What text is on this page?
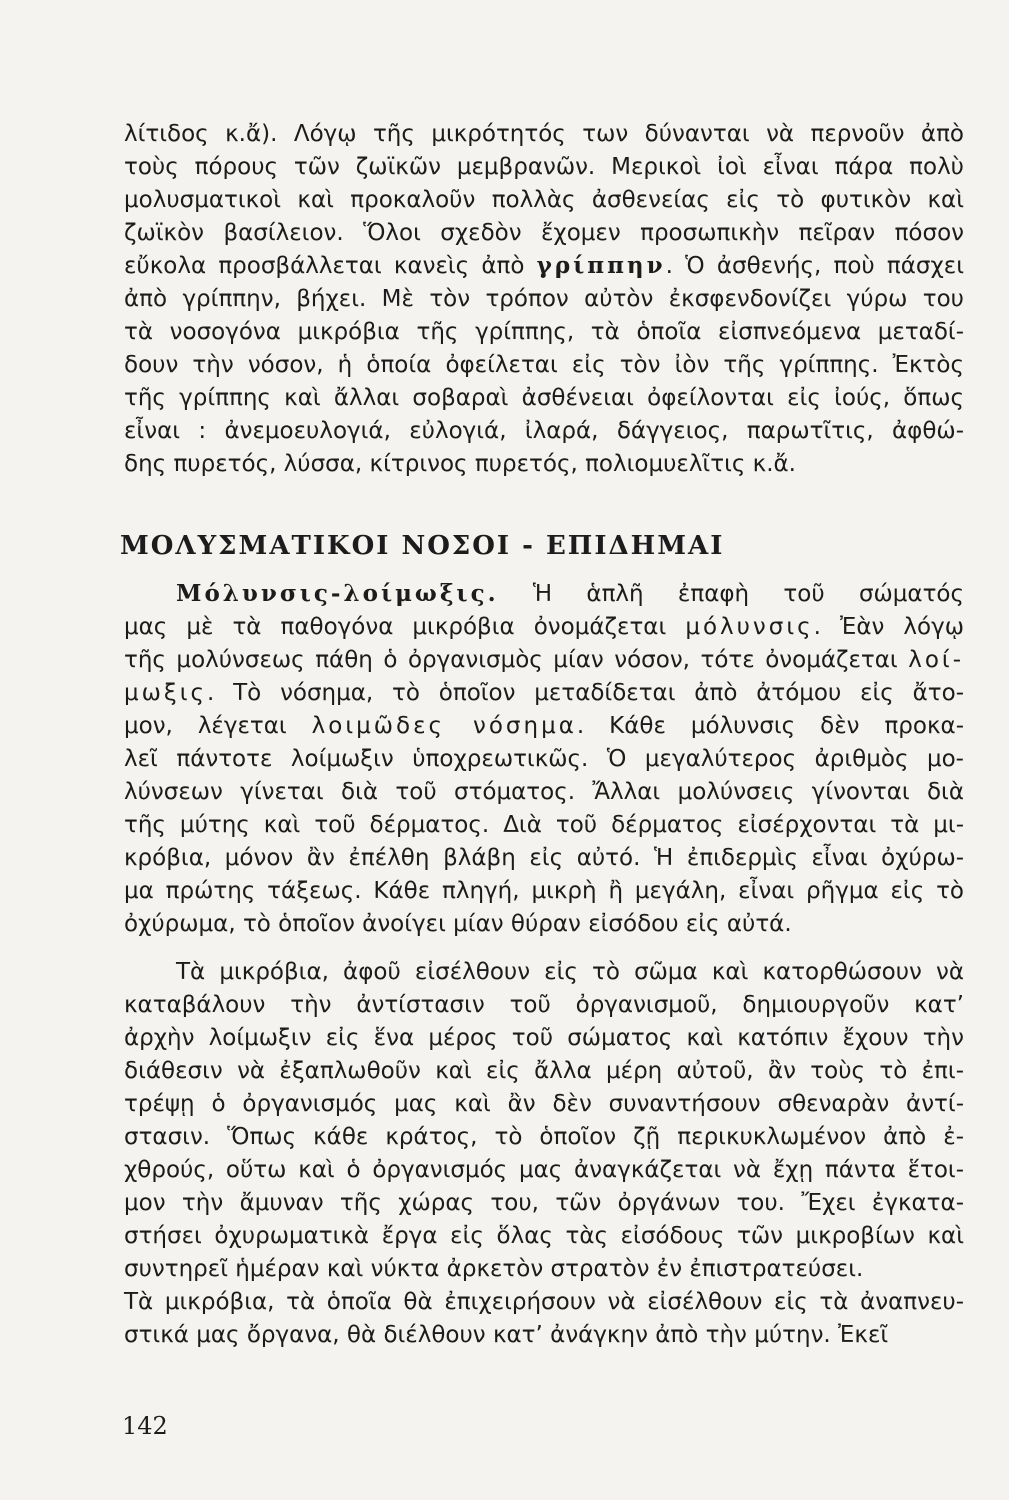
λίτιδος κ.ἄ). Λόγῳ τῆς μικρότητός των δύνανται νὰ περνοῦν ἀπὸ
τοὺς πόρους τῶν ζωϊκῶν μεμβρανῶν. Μερικοὶ ἰοὶ εἶναι πάρα πολὺ
μολυσματικοὶ καὶ προκαλοῦν πολλὰς ἀσθενείας εἰς τὸ φυτικὸν καὶ
ζωϊκὸν βασίλειον. Ὅλοι σχεδὸν ἔχομεν προσωπικὴν πεῖραν πόσον
εὔκολα προσβάλλεται κανεὶς ἀπὸ γρίππην. Ὁ ἀσθενής, ποὺ πάσχει
ἀπὸ γρίππην, βήχει. Μὲ τὸν τρόπον αὐτὸν ἐκσφενδονίζει γύρω του
τὰ νοσογόνα μικρόβια τῆς γρίππης, τὰ ὁποῖα εἰσπνεόμενα μεταδί-
δουν τὴν νόσον, ἡ ὁποία ὀφείλεται εἰς τὸν ἰὸν τῆς γρίππης. Ἐκτὸς
τῆς γρίππης καὶ ἄλλαι σοβαραὶ ἀσθένειαι ὀφείλονται εἰς ἰούς, ὅπως
εἶναι : ἀνεμοευλογιά, εὐλογιά, ἰλαρά, δάγγειος, παρωτῖτις, ἀφθώ-
δης πυρετός, λύσσα, κίτρινος πυρετός, πολιομυελῖτις κ.ἄ.
ΜΟΛΥΣΜΑΤΙΚΟΙ ΝΟΣΟΙ - ΕΠΙΔΗΜΑΙ
Μόλυνσις-λοίμωξις. Ἡ ἁπλῆ ἐπαφὴ τοῦ σώματός
μας μὲ τὰ παθογόνα μικρόβια ὀνομάζεται μόλυνσις. Ἐὰν λόγῳ
τῆς μολύνσεως πάθη ὁ ὀργανισμὸς μίαν νόσον, τότε ὀνομάζεται λοί-
μωξις. Τὸ νόσημα, τὸ ὁποῖον μεταδίδεται ἀπὸ ἀτόμου εἰς ἄτο-
μον, λέγεται λοιμῶδες νόσημα. Κάθε μόλυνσις δὲν προκα-
λεῖ πάντοτε λοίμωξιν ὑποχρεωτικῶς. Ὁ μεγαλύτερος ἀριθμὸς μο-
λύνσεων γίνεται διὰ τοῦ στόματος. Ἄλλαι μολύνσεις γίνονται διὰ
τῆς μύτης καὶ τοῦ δέρματος. Διὰ τοῦ δέρματος εἰσέρχονται τὰ μι-
κρόβια, μόνον ἂν ἐπέλθη βλάβη εἰς αὐτό. Ἡ ἐπιδερμὶς εἶναι ὀχύρω-
μα πρώτης τάξεως. Κάθε πληγή, μικρὴ ἢ μεγάλη, εἶναι ρῆγμα εἰς τὸ
ὀχύρωμα, τὸ ὁποῖον ἀνοίγει μίαν θύραν εἰσόδου εἰς αὐτά.
Τὰ μικρόβια, ἀφοῦ εἰσέλθουν εἰς τὸ σῶμα καὶ κατορθώσουν νὰ
καταβάλουν τὴν ἀντίστασιν τοῦ ὀργανισμοῦ, δημιουργοῦν κατ’
ἀρχὴν λοίμωξιν εἰς ἕνα μέρος τοῦ σώματος καὶ κατόπιν ἔχουν τὴν
διάθεσιν νὰ ἐξαπλωθοῦν καὶ εἰς ἄλλα μέρη αὐτοῦ, ἂν τοὺς τὸ ἐπι-
τρέψῃ ὁ ὀργανισμός μας καὶ ἂν δὲν συναντήσουν σθεναρὰν ἀντί-
στασιν. Ὅπως κάθε κράτος, τὸ ὁποῖον ζῇ περικυκλωμένον ἀπὸ ἐ-
χθρούς, οὕτω καὶ ὁ ὀργανισμός μας ἀναγκάζεται νὰ ἔχῃ πάντα ἕτοι-
μον τὴν ἄμυναν τῆς χώρας του, τῶν ὀργάνων του. Ἔχει ἐγκατα-
στήσει ὀχυρωματικὰ ἔργα εἰς ὅλας τὰς εἰσόδους τῶν μικροβίων καὶ
συντηρεῖ ἡμέραν καὶ νύκτα ἀρκετὸν στρατὸν ἐν ἐπιστρατεύσει.
Τὰ μικρόβια, τὰ ὁποῖα θὰ ἐπιχειρήσουν νὰ εἰσέλθουν εἰς τὰ ἀναπνευ-
στικά μας ὄργανα, θὰ διέλθουν κατ’ ἀνάγκην ἀπὸ τὴν μύτην. Ἐκεῖ
142
